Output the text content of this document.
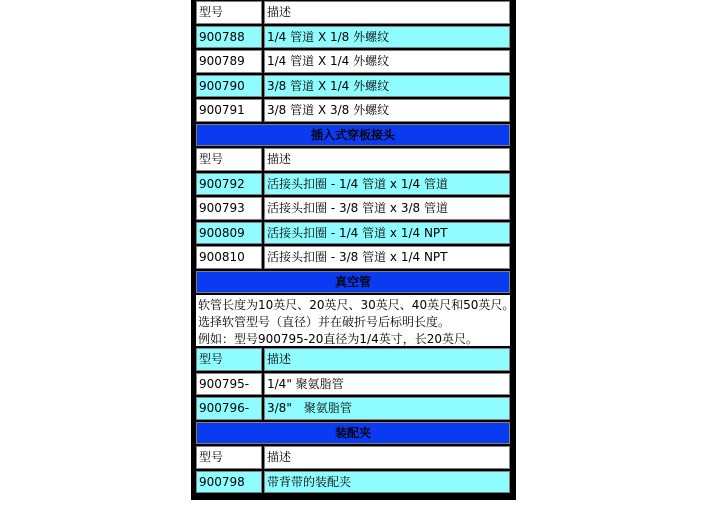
型号	描述
900788	1/4 管道 X 1/8 外螺纹
900789	1/4 管道 X 1/4 外螺纹
900790	3/8 管道 X 1/4 外螺纹
900791	3/8 管道 X 3/8 外螺纹
插入式穿板接头
型号	描述
900792	活接头扣圈 - 1/4 管道 x 1/4 管道
900793	活接头扣圈 - 3/8 管道 x 3/8 管道
900809	活接头扣圈 - 1/4 管道 x 1/4 NPT
900810	活接头扣圈 - 3/8 管道 x 1/4 NPT
真空管
软管长度为10英尺、20英尺、30英尺、40英尺和50英尺。
选择软管型号（直径）并在破折号后标明长度。
例如：型号900795-20直径为1/4英寸，长20英尺。
型号	描述
900795-	1/4" 聚氨脂管
900796-	3/8"　聚氨脂管
装配夹
型号	描述
900798	带背带的装配夹
